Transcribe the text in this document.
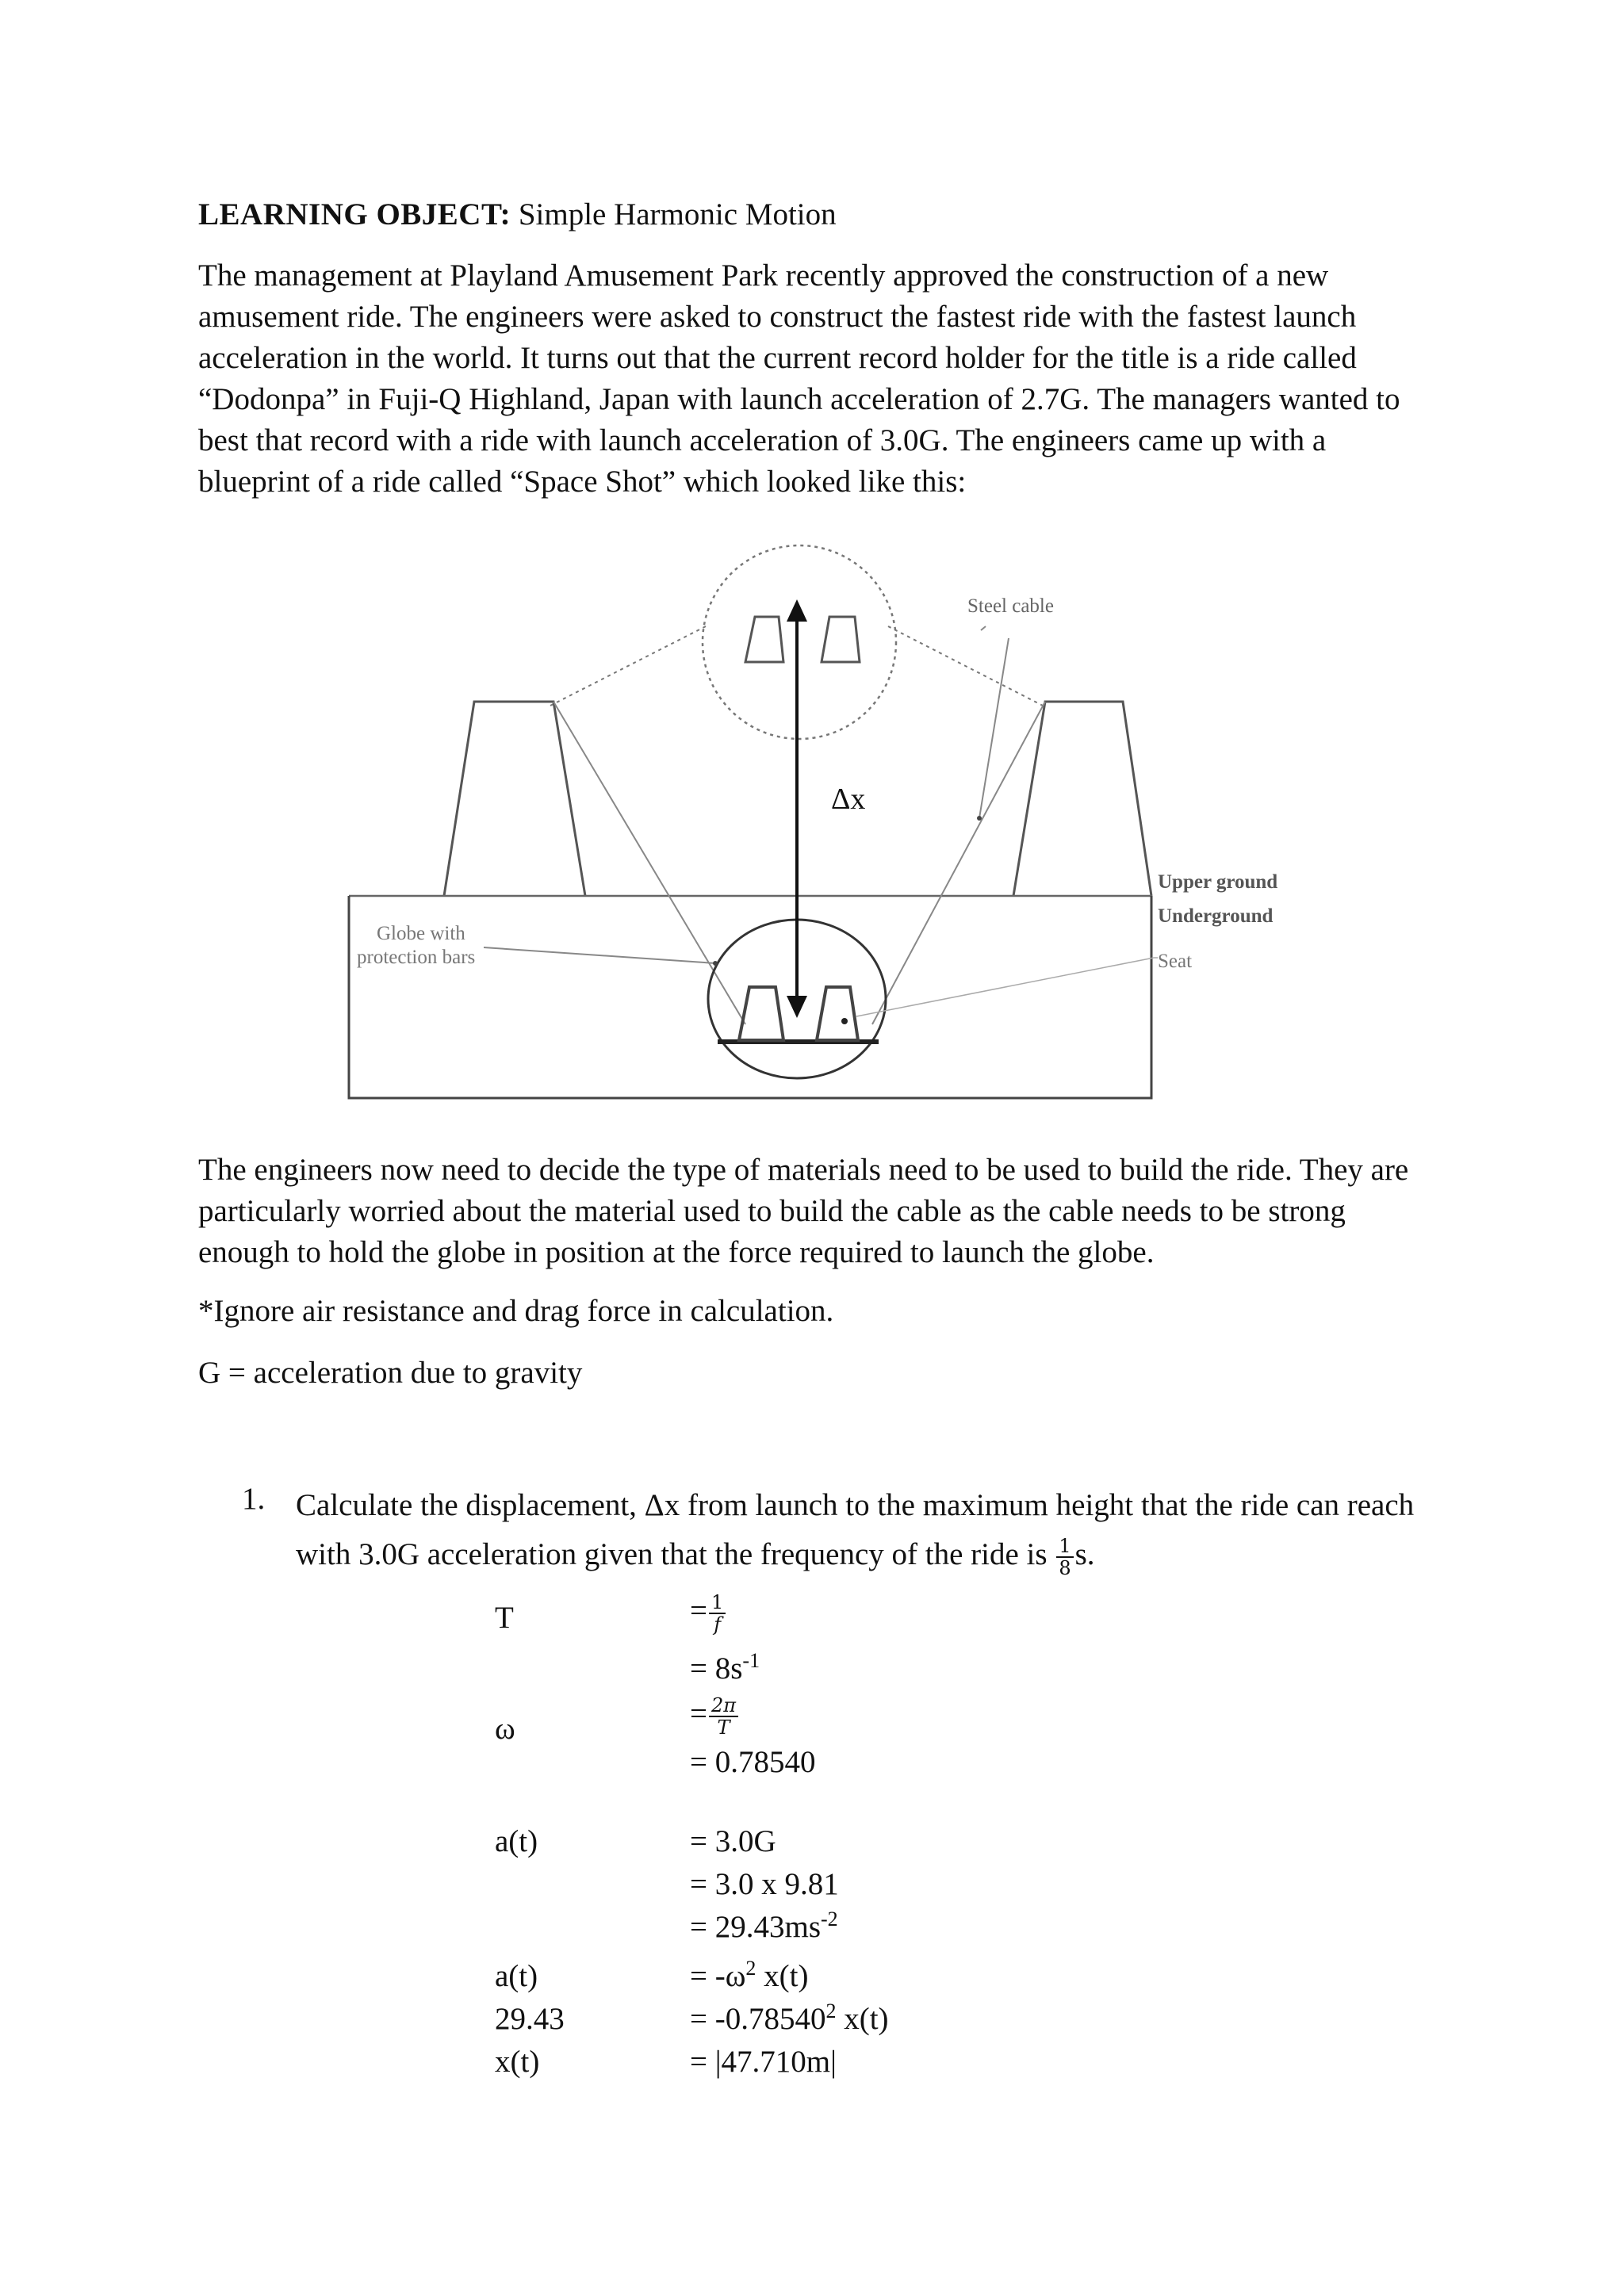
LEARNING OBJECT: Simple Harmonic Motion

The management at Playland Amusement Park recently approved the construction of a new amusement ride. The engineers were asked to construct the fastest ride with the fastest launch acceleration in the world. It turns out that the current record holder for the title is a ride called “Dodonpa” in Fuji-Q Highland, Japan with launch acceleration of 2.7G. The managers wanted to best that record with a ride with launch acceleration of 3.0G. The engineers came up with a blueprint of a ride called “Space Shot” which looked like this:

Δx
Steel cable
Upper ground
Underground
Globe with
protection bars	Seat

The engineers now need to decide the type of materials need to be used to build the ride. They are particularly worried about the material used to build the cable as the cable needs to be strong enough to hold the globe in position at the force required to launch the globe.

*Ignore air resistance and drag force in calculation.

G = acceleration due to gravity

1. Calculate the displacement, Δx from launch to the maximum height that the ride can reach with 3.0G acceleration given that the frequency of the ride is $\frac{1}{8} s$.

T	= $\frac{1}{f}$
= $8s^{-1}$
ω	= $\frac{2\pi}{T}$
= 0.78540
a(t)	= 3.0G
= 3.0 x 9.81
= $29.43ms^{-2}$
a(t)	= $-\omega^2$ x(t)
29.43	= $-0.78540^2$ x(t)
x(t)	= |47.710m|
